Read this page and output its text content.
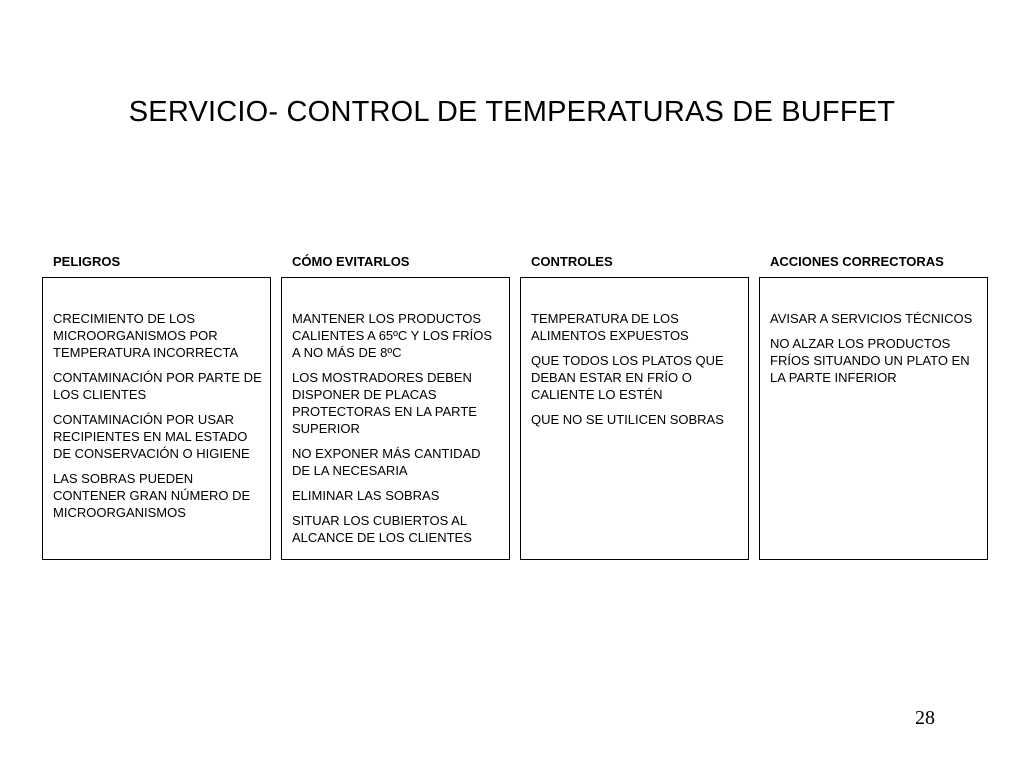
SERVICIO- CONTROL DE TEMPERATURAS DE BUFFET
PELIGROS

CRECIMIENTO DE LOS MICROORGANISMOS POR TEMPERATURA INCORRECTA

CONTAMINACIÓN POR PARTE DE LOS CLIENTES

CONTAMINACIÓN POR USAR RECIPIENTES EN MAL ESTADO DE CONSERVACIÓN O HIGIENE

LAS SOBRAS PUEDEN CONTENER GRAN NÚMERO DE MICROORGANISMOS

CÓMO EVITARLOS

MANTENER LOS PRODUCTOS CALIENTES A 65ºC Y LOS FRÍOS A NO MÁS DE 8ºC

LOS MOSTRADORES DEBEN DISPONER DE PLACAS PROTECTORAS EN LA PARTE SUPERIOR

NO EXPONER MÁS CANTIDAD DE LA NECESARIA

ELIMINAR LAS SOBRAS

SITUAR LOS CUBIERTOS AL ALCANCE DE LOS CLIENTES

CONTROLES

TEMPERATURA DE LOS ALIMENTOS EXPUESTOS

QUE TODOS LOS PLATOS QUE DEBAN ESTAR EN FRÍO O CALIENTE LO ESTÉN

QUE NO SE UTILICEN SOBRAS

ACCIONES CORRECTORAS

AVISAR A SERVICIOS TÉCNICOS

NO ALZAR LOS PRODUCTOS FRÍOS SITUANDO UN PLATO EN LA PARTE INFERIOR

28
